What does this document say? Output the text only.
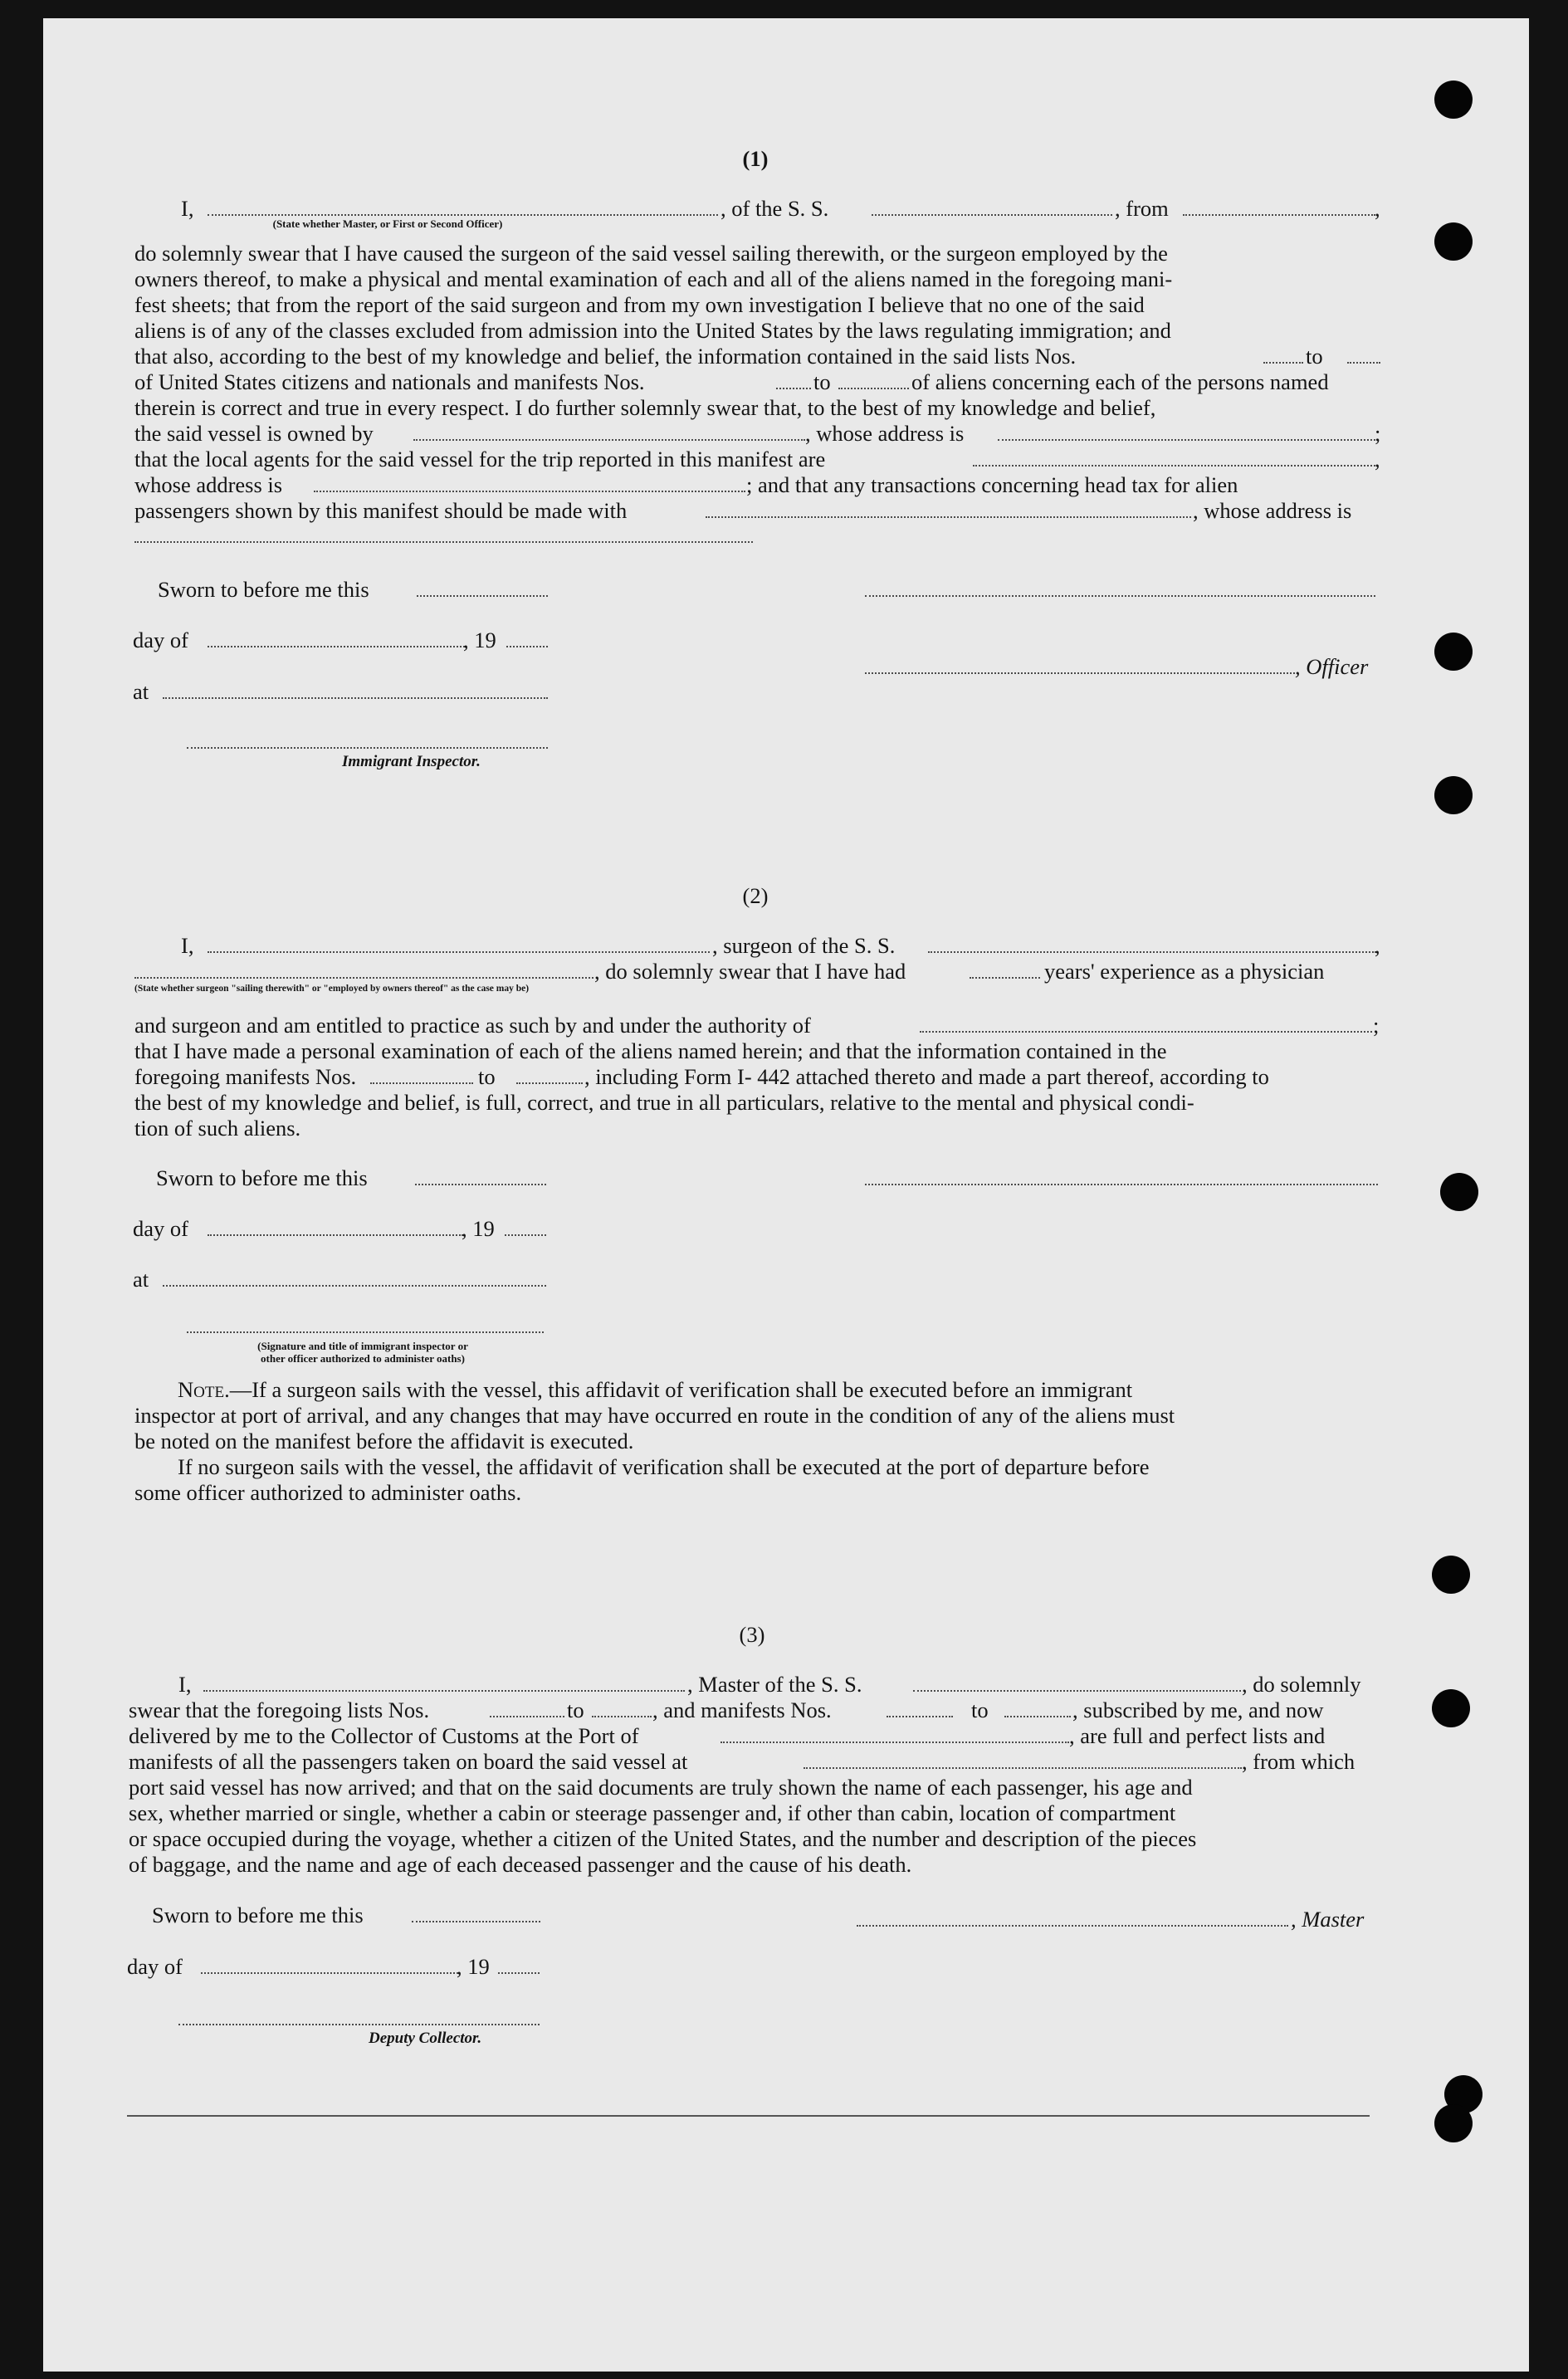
(1)
I,	, of the S. S.	, from	,
(State whether Master, or First or Second Officer)
do solemnly swear that I have caused the surgeon of the said vessel sailing therewith, or the surgeon employed by the
owners thereof, to make a physical and mental examination of each and all of the aliens named in the foregoing mani-
fest sheets; that from the report of the said surgeon and from my own investigation I believe that no one of the said
aliens is of any of the classes excluded from admission into the United States by the laws regulating immigration; and
that also, according to the best of my knowledge and belief, the information contained in the said lists Nos.	to
of United States citizens and nationals and manifests Nos.	to	of aliens concerning each of the persons named
therein is correct and true in every respect. I do further solemnly swear that, to the best of my knowledge and belief,
the said vessel is owned by	, whose address is	;
that the local agents for the said vessel for the trip reported in this manifest are	,
whose address is	; and that any transactions concerning head tax for alien
passengers shown by this manifest should be made with	, whose address is
Sworn to before me this
day of	, 19
, Officer
at
Immigrant Inspector.
(2)
I,	, surgeon of the S. S.	,
, do solemnly swear that I have had	years' experience as a physician
(State whether surgeon "sailing therewith" or "employed by owners thereof" as the case may be)
and surgeon and am entitled to practice as such by and under the authority of	;
that I have made a personal examination of each of the aliens named herein; and that the information contained in the
foregoing manifests Nos.	to	, including Form I- 442 attached thereto and made a part thereof, according to
the best of my knowledge and belief, is full, correct, and true in all particulars, relative to the mental and physical condi-
tion of such aliens.
Sworn to before me this
day of	, 19
at
(Signature and title of immigrant inspector or
other officer authorized to administer oaths)
Note.—If a surgeon sails with the vessel, this affidavit of verification shall be executed before an immigrant
inspector at port of arrival, and any changes that may have occurred en route in the condition of any of the aliens must
be noted on the manifest before the affidavit is executed.
If no surgeon sails with the vessel, the affidavit of verification shall be executed at the port of departure before
some officer authorized to administer oaths.
(3)
I,	, Master of the S. S.	, do solemnly
swear that the foregoing lists Nos.	to	, and manifests Nos.	to	, subscribed by me, and now
delivered by me to the Collector of Customs at the Port of	, are full and perfect lists and
manifests of all the passengers taken on board the said vessel at	, from which
port said vessel has now arrived; and that on the said documents are truly shown the name of each passenger, his age and
sex, whether married or single, whether a cabin or steerage passenger and, if other than cabin, location of compartment
or space occupied during the voyage, whether a citizen of the United States, and the number and description of the pieces
of baggage, and the name and age of each deceased passenger and the cause of his death.
Sworn to before me this	, Master
day of	, 19
Deputy Collector.
